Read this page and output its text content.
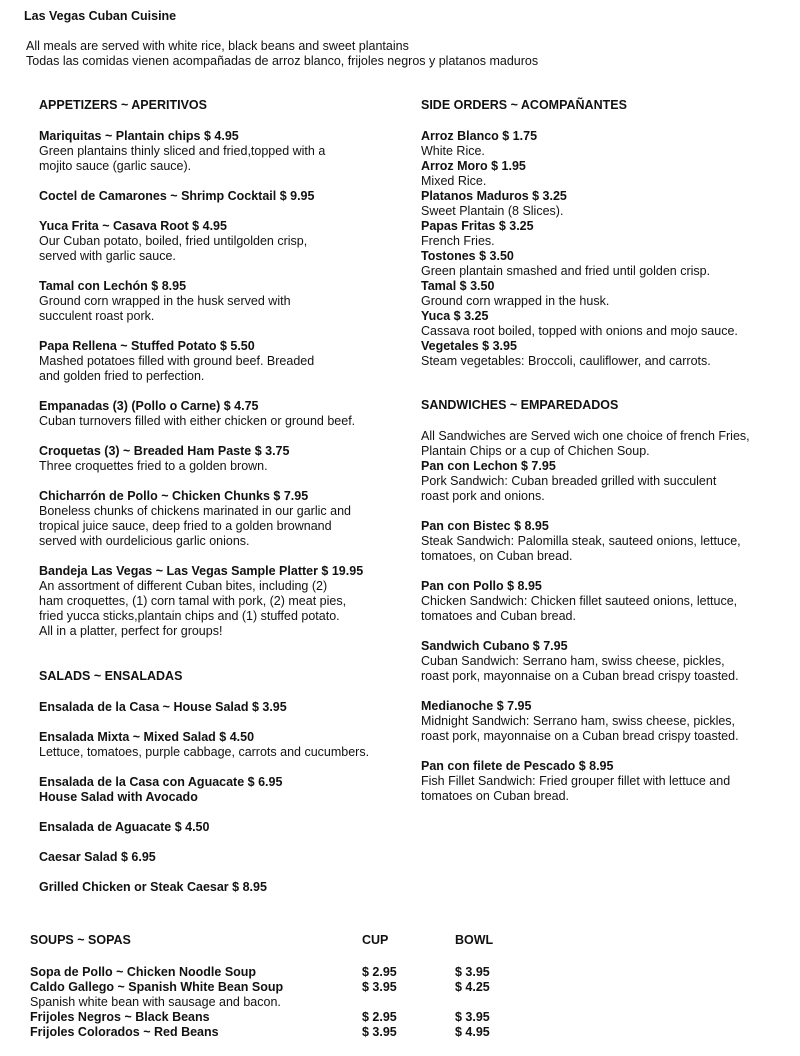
Las Vegas Cuban Cuisine
All meals are served with white rice, black beans and sweet plantains
Todas las comidas vienen acompañadas de arroz blanco, frijoles negros y platanos maduros
APPETIZERS ~ APERITIVOS
Mariquitas ~ Plantain chips $ 4.95
Green plantains thinly sliced and fried,topped with a
mojito sauce (garlic sauce).
Coctel de Camarones ~ Shrimp Cocktail $ 9.95
Yuca Frita ~ Casava Root $ 4.95
Our Cuban potato, boiled, fried untilgolden crisp,
served with garlic sauce.
Tamal con Lechón $ 8.95
Ground corn wrapped in the husk served with
succulent roast pork.
Papa Rellena ~ Stuffed Potato $ 5.50
Mashed potatoes filled with ground beef. Breaded
and golden fried to perfection.
Empanadas (3) (Pollo o Carne) $ 4.75
Cuban turnovers filled with either chicken or ground beef.
Croquetas (3) ~ Breaded Ham Paste $ 3.75
Three croquettes fried to a golden brown.
Chicharrón de Pollo ~ Chicken Chunks $ 7.95
Boneless chunks of chickens marinated in our garlic and
tropical juice sauce, deep fried to a golden brownand
served with ourdelicious garlic onions.
Bandeja Las Vegas ~ Las Vegas Sample Platter $ 19.95
An assortment of different Cuban bites, including (2)
ham croquettes, (1) corn tamal with pork, (2) meat pies,
fried yucca sticks,plantain chips and (1) stuffed potato.
All in a platter, perfect for groups!
SALADS ~ ENSALADAS
Ensalada de la Casa ~ House Salad $ 3.95
Ensalada Mixta ~ Mixed Salad $ 4.50
Lettuce, tomatoes, purple cabbage, carrots and cucumbers.
Ensalada de la Casa con Aguacate $ 6.95
House Salad with Avocado
Ensalada de Aguacate $ 4.50
Caesar Salad $ 6.95
Grilled Chicken or Steak Caesar $ 8.95
SIDE ORDERS ~ ACOMPAÑANTES
Arroz Blanco $ 1.75
White Rice.
Arroz Moro $ 1.95
Mixed Rice.
Platanos Maduros $ 3.25
Sweet Plantain (8 Slices).
Papas Fritas $ 3.25
French Fries.
Tostones $ 3.50
Green plantain smashed and fried until golden crisp.
Tamal $ 3.50
Ground corn wrapped in the husk.
Yuca $ 3.25
Cassava root boiled, topped with onions and mojo sauce.
Vegetales $ 3.95
Steam vegetables: Broccoli, cauliflower, and carrots.
SANDWICHES ~ EMPAREDADOS
All Sandwiches are Served wich one choice of french Fries,
Plantain Chips or a cup of Chichen Soup.
Pan con Lechon $ 7.95
Pork Sandwich: Cuban breaded grilled with succulent
roast pork and onions.
Pan con Bistec $ 8.95
Steak Sandwich: Palomilla steak, sauteed onions, lettuce,
tomatoes, on Cuban bread.
Pan con Pollo $ 8.95
Chicken Sandwich: Chicken fillet sauteed onions, lettuce,
tomatoes and Cuban bread.
Sandwich Cubano $ 7.95
Cuban Sandwich: Serrano ham, swiss cheese, pickles,
roast pork, mayonnaise on a Cuban bread crispy toasted.
Medianoche $ 7.95
Midnight Sandwich: Serrano ham, swiss cheese, pickles,
roast pork, mayonnaise on a Cuban bread crispy toasted.
Pan con filete de Pescado $ 8.95
Fish Fillet Sandwich: Fried grouper fillet with lettuce and
tomatoes on Cuban bread.
SOUPS ~ SOPAS	CUP	BOWL
Sopa de Pollo ~ Chicken Noodle Soup	$ 2.95	$ 3.95
Caldo Gallego ~ Spanish White Bean Soup	$ 3.95	$ 4.25
Spanish white bean with sausage and bacon.
Frijoles Negros ~ Black Beans	$ 2.95	$ 3.95
Frijoles Colorados ~ Red Beans	$ 3.95	$ 4.95
